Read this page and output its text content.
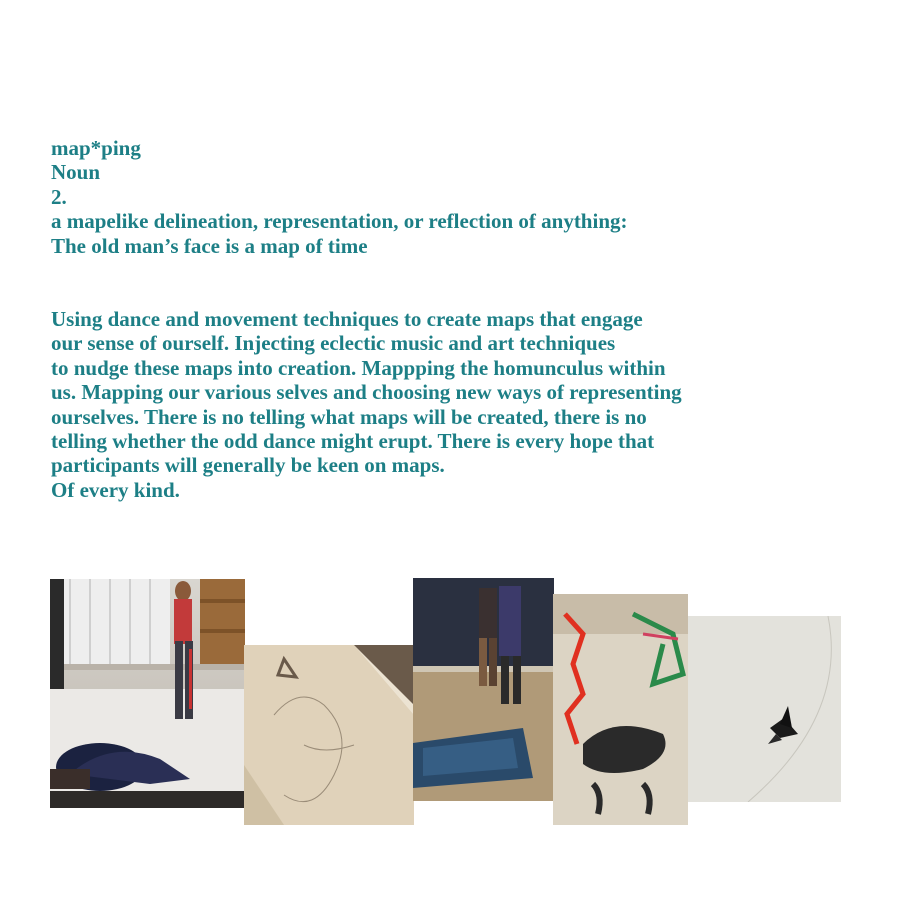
map*ping
Noun
2.
a mapelike delineation, representation, or reflection of anything:
The old man’s face is a map of time
Using dance and movement techniques to create maps that engage
our sense of ourself. Injecting eclectic music and art techniques
to nudge these maps into creation. Mappping the homunculus within
us. Mapping our various selves and choosing new ways of representing
ourselves. There is no telling what maps will be created, there is no
telling whether the odd dance might erupt. There is every hope that
participants will generally be keen on maps.
Of every kind.
